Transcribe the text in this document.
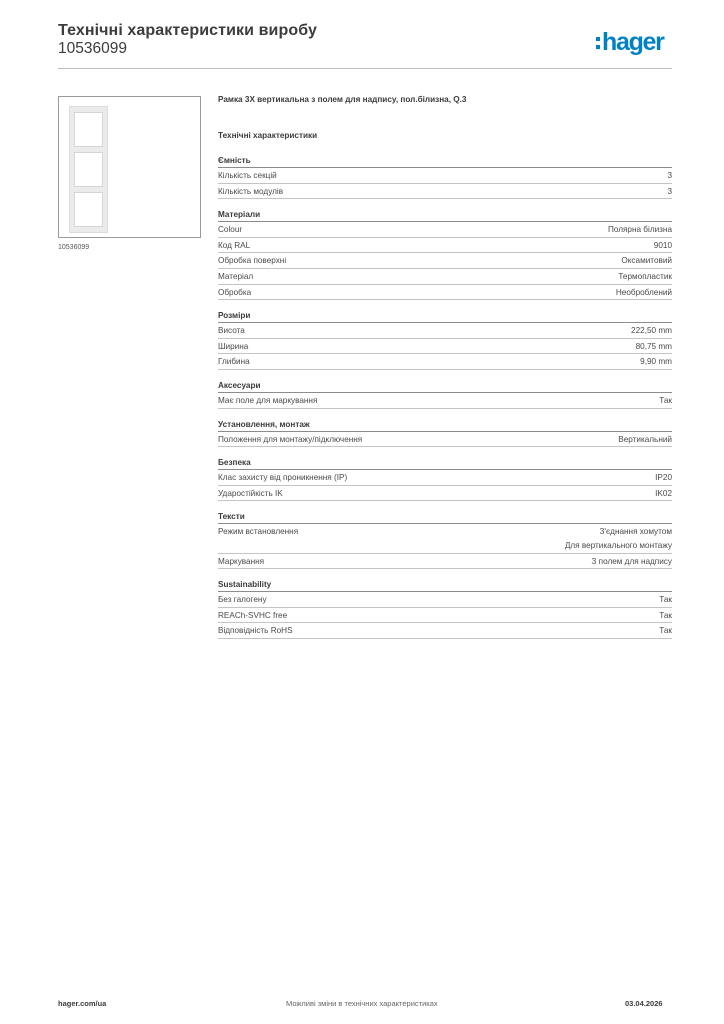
Технічні характеристики виробу
10536099	hager
10536099
Рамка 3X вертикальна з полем для надпису, пол.білизна, Q.3
Технічні характеристики
Ємність
Кількість секцій	3
Кількість модулів	3
Матеріали
Colour	Полярна білизна
Код RAL	9010
Обробка поверхні	Оксамитовий
Матеріал	Термопластик
Обробка	Необроблений
Розміри
Висота	222,50 mm
Ширина	80,75 mm
Глибина	9,90 mm
Аксесуари
Має поле для маркування	Так
Установлення, монтаж
Положення для монтажу/підключення	Вертикальний
Безпека
Клас захисту від проникнення (IP)	IP20
Ударостійкість IK	IK02
Тексти
Режим встановлення	З'єднання хомутом
Для вертикального монтажу
Маркування	З полем для надпису
Sustainability
Без галогену	Так
REACh-SVHC free	Так
Відповідність RoHS	Так
hager.com/ua	Можливі зміни в технічних характеристиках	03.04.2026
